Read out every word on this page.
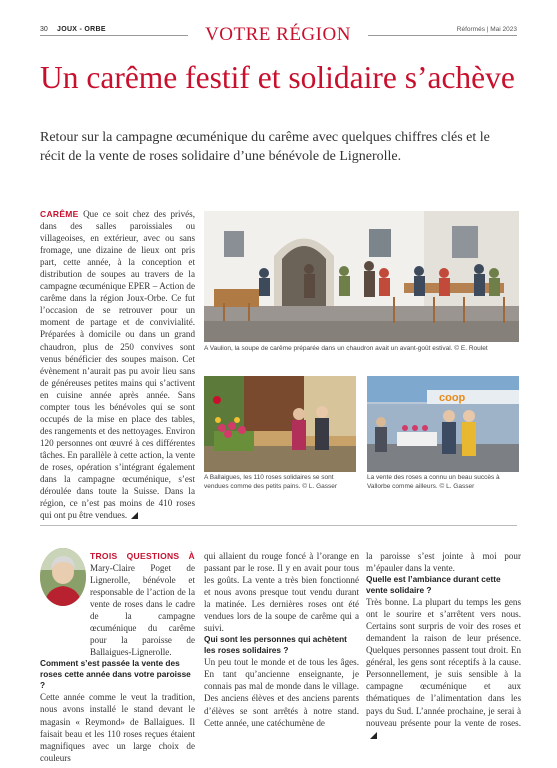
30 JOUX - ORBE	Réformés | Mai 2023
VOTRE RÉGION
Un carême festif et solidaire s’achève
Retour sur la campagne œcuménique du carême avec quelques chiffres clés et le récit de la vente de roses solidaire d’une bénévole de Lignerolle.
CARÊME Que ce soit chez des privés, dans des salles paroissiales ou villageoises, en extérieur, avec ou sans fromage, une dizaine de lieux ont pris part, cette année, à la conception et distribution de soupes au travers de la campagne œcuménique EPER – Action de carême dans la région Joux-Orbe. Ce fut l’occasion de se retrouver pour un moment de partage et de convivialité. Préparées à domicile ou dans un grand chaudron, plus de 250 convives sont venus bénéficier des soupes maison. Cet évènement n’aurait pas pu avoir lieu sans de généreuses petites mains qui s’activent en cuisine année après année. Sans compter tous les bénévoles qui se sont occupés de la mise en place des tables, des rangements et des nettoyages. Environ 120 personnes ont œuvré à ces différentes tâches. En parallèle à cette action, la vente de roses, opération s’intégrant également dans la campagne œcuménique, s’est déroulée dans toute la Suisse. Dans la région, ce n’est pas moins de 410 roses qui ont pu être vendues.
A Vaulion, la soupe de carême préparée dans un chaudron avait un avant-goût estival. © E. Roulet
A Ballaigues, les 110 roses solidaires se sont vendues comme des petits pains. © L. Gasser
coop
La vente des roses a connu un beau succès à Vallorbe comme ailleurs. © L. Gasser
TROIS QUESTIONS À Mary-Claire Poget de Lignerolle, bénévole et responsable de l’action de la vente de roses dans le cadre de la campagne œcuménique du carême pour la paroisse de Ballaigues-Lignerolle.
Comment s’est passée la vente des roses cette année dans votre paroisse ?
Cette année comme le veut la tradition, nous avons installé le stand devant le magasin « Reymond» de Ballaigues. Il faisait beau et les 110 roses reçues étaient magnifiques avec un large choix de couleurs
qui allaient du rouge foncé à l’orange en passant par le rose. Il y en avait pour tous les goûts. La vente a très bien fonctionné et nous avons presque tout vendu durant la matinée. Les dernières roses ont été vendues lors de la soupe de carême qui a suivi.
Qui sont les personnes qui achètent les roses solidaires ?
Un peu tout le monde et de tous les âges. En tant qu’ancienne enseignante, je connais pas mal de monde dans le village. Des anciens élèves et des anciens parents d’élèves se sont arrêtés à notre stand. Cette année, une catéchumène de
la paroisse s’est jointe à moi pour m’épauler dans la vente.
Quelle est l’ambiance durant cette vente solidaire ?
Très bonne. La plupart du temps les gens ont le sourire et s’arrêtent vers nous. Certains sont surpris de voir des roses et demandent la raison de leur présence. Quelques personnes passent tout droit. En général, les gens sont réceptifs à la cause. Personnellement, je suis sensible à la campagne œcuménique et aux thématiques de l’alimentation dans les pays du Sud. L’année prochaine, je serai à nouveau présente pour la vente de roses.
